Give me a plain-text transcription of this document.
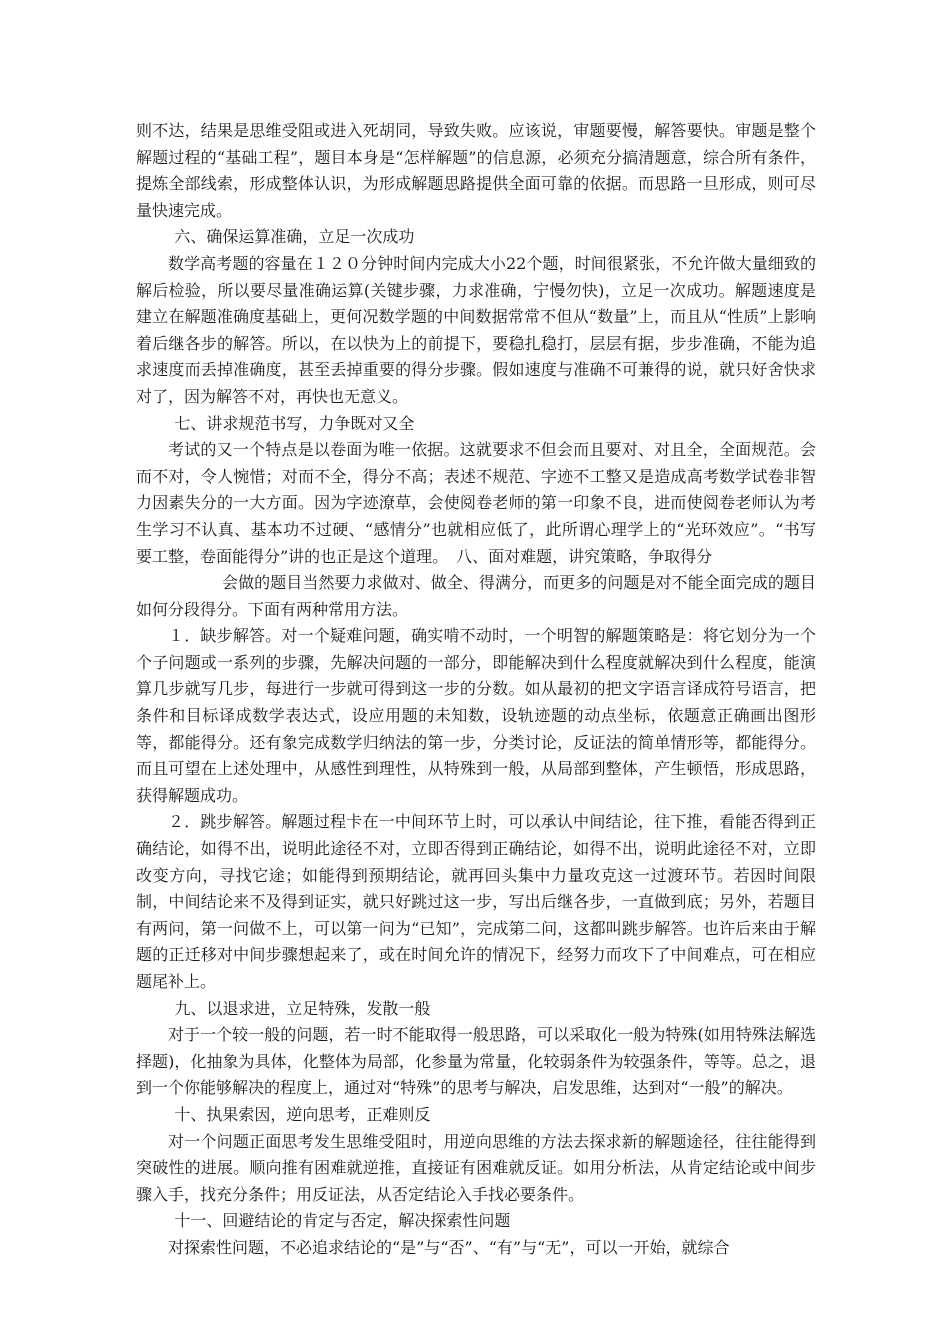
则不达，结果是思维受阻或进入死胡同，导致失败。应该说，审题要慢，解答要快。审题是整个解题过程的“基础工程”，题目本身是“怎样解题”的信息源，必须充分搞清题意，综合所有条件，提炼全部线索，形成整体认识，为形成解题思路提供全面可靠的依据。而思路一旦形成，则可尽量快速完成。

六、确保运算准确，立足一次成功

数学高考题的容量在１２０分钟时间内完成大小22个题，时间很紧张，不允许做大量细致的解后检验，所以要尽量准确运算(关键步骤，力求准确，宁慢勿快)，立足一次成功。解题速度是建立在解题准确度基础上，更何况数学题的中间数据常常不但从“数量”上，而且从“性质”上影响着后继各步的解答。所以，在以快为上的前提下，要稳扎稳打，层层有据，步步准确，不能为追求速度而丢掉准确度，甚至丢掉重要的得分步骤。假如速度与准确不可兼得的说，就只好舍快求对了，因为解答不对，再快也无意义。

七、讲求规范书写，力争既对又全

考试的又一个特点是以卷面为唯一依据。这就要求不但会而且要对、对且全，全面规范。会而不对，令人惋惜；对而不全，得分不高；表述不规范、字迹不工整又是造成高考数学试卷非智力因素失分的一大方面。因为字迹潦草，会使阅卷老师的第一印象不良，进而使阅卷老师认为考生学习不认真、基本功不过硬、“感情分”也就相应低了，此所谓心理学上的“光环效应”。“书写要工整，卷面能得分”讲的也正是这个道理。　八、面对难题，讲究策略，争取得分

会做的题目当然要力求做对、做全、得满分，而更多的问题是对不能全面完成的题目如何分段得分。下面有两种常用方法。

１．缺步解答。对一个疑难问题，确实啃不动时，一个明智的解题策略是：将它划分为一个个子问题或一系列的步骤，先解决问题的一部分，即能解决到什么程度就解决到什么程度，能演算几步就写几步，每进行一步就可得到这一步的分数。如从最初的把文字语言译成符号语言，把条件和目标译成数学表达式，设应用题的未知数，设轨迹题的动点坐标，依题意正确画出图形等，都能得分。还有象完成数学归纳法的第一步，分类讨论，反证法的简单情形等，都能得分。而且可望在上述处理中，从感性到理性，从特殊到一般，从局部到整体，产生顿悟，形成思路，获得解题成功。

２．跳步解答。解题过程卡在一中间环节上时，可以承认中间结论，往下推，看能否得到正确结论，如得不出，说明此途径不对，立即否得到正确结论，如得不出，说明此途径不对，立即改变方向，寻找它途；如能得到预期结论，就再回头集中力量攻克这一过渡环节。若因时间限制，中间结论来不及得到证实，就只好跳过这一步，写出后继各步，一直做到底；另外，若题目有两问，第一问做不上，可以第一问为“已知”，完成第二问，这都叫跳步解答。也许后来由于解题的正迁移对中间步骤想起来了，或在时间允许的情况下，经努力而攻下了中间难点，可在相应题尾补上。

九、以退求进，立足特殊，发散一般

对于一个较一般的问题，若一时不能取得一般思路，可以采取化一般为特殊(如用特殊法解选择题)，化抽象为具体，化整体为局部，化参量为常量，化较弱条件为较强条件，等等。总之，退到一个你能够解决的程度上，通过对“特殊”的思考与解决，启发思维，达到对“一般”的解决。

十、执果索因，逆向思考，正难则反

对一个问题正面思考发生思维受阻时，用逆向思维的方法去探求新的解题途径，往往能得到突破性的进展。顺向推有困难就逆推，直接证有困难就反证。如用分析法，从肯定结论或中间步骤入手，找充分条件；用反证法，从否定结论入手找必要条件。

十一、回避结论的肯定与否定，解决探索性问题

对探索性问题，不必追求结论的“是”与“否”、“有”与“无”，可以一开始，就综合
